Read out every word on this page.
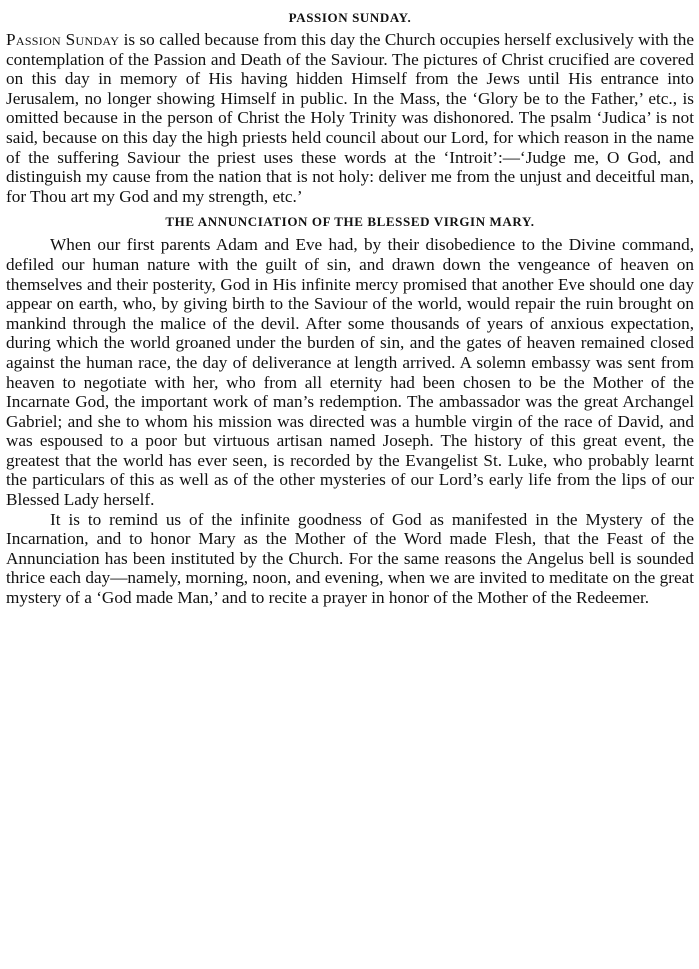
PASSION SUNDAY.

Passion Sunday is so called because from this day the Church occupies herself exclusively with the contemplation of the Passion and Death of the Saviour. The pictures of Christ crucified are covered on this day in memory of His having hidden Himself from the Jews until His entrance into Jerusalem, no longer showing Himself in public. In the Mass, the ‘Glory be to the Father,’ etc., is omitted because in the person of Christ the Holy Trinity was dishonored. The psalm ‘Judica’ is not said, because on this day the high priests held council about our Lord, for which reason in the name of the suffering Saviour the priest uses these words at the ‘Introit’:—‘Judge me, O God, and distinguish my cause from the nation that is not holy: deliver me from the unjust and deceitful man, for Thou art my God and my strength, etc.’

THE ANNUNCIATION OF THE BLESSED VIRGIN MARY.

When our first parents Adam and Eve had, by their disobedience to the Divine command, defiled our human nature with the guilt of sin, and drawn down the vengeance of heaven on themselves and their posterity, God in His infinite mercy promised that another Eve should one day appear on earth, who, by giving birth to the Saviour of the world, would repair the ruin brought on mankind through the malice of the devil. After some thousands of years of anxious expectation, during which the world groaned under the burden of sin, and the gates of heaven remained closed against the human race, the day of deliverance at length arrived. A solemn embassy was sent from heaven to negotiate with her, who from all eternity had been chosen to be the Mother of the Incarnate God, the important work of man’s redemption. The ambassador was the great Archangel Gabriel; and she to whom his mission was directed was a humble virgin of the race of David, and was espoused to a poor but virtuous artisan named Joseph. The history of this great event, the greatest that the world has ever seen, is recorded by the Evangelist St. Luke, who probably learnt the particulars of this as well as of the other mysteries of our Lord’s early life from the lips of our Blessed Lady herself.

It is to remind us of the infinite goodness of God as manifested in the Mystery of the Incarnation, and to honor Mary as the Mother of the Word made Flesh, that the Feast of the Annunciation has been instituted by the Church. For the same reasons the Angelus bell is sounded thrice each day—namely, morning, noon, and evening, when we are invited to meditate on the great mystery of a ‘God made Man,’ and to recite a prayer in honor of the Mother of the Redeemer.
